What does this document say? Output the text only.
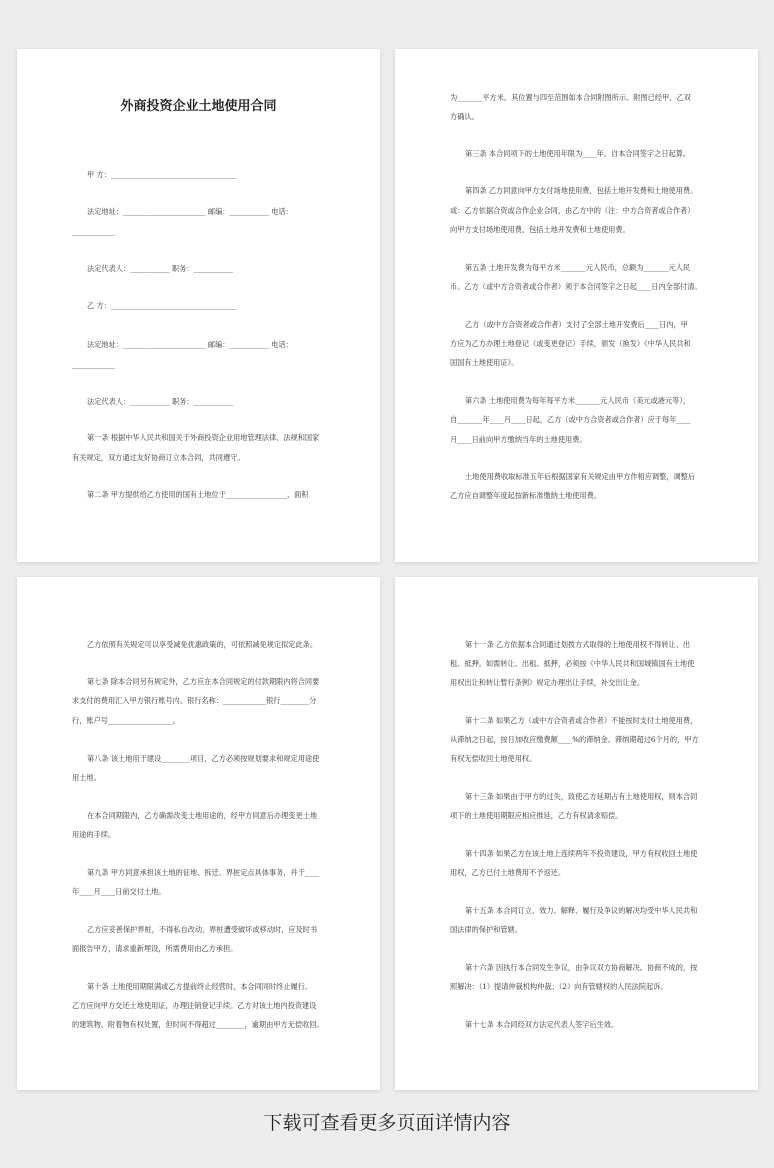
外商投资企业土地使用合同
甲 方：___________________________________
法定地址：_______________________ 邮编：___________ 电话：
____________
法定代表人：___________ 职务：___________
乙 方：___________________________________
法定地址：_______________________ 邮编：___________ 电话：
____________
法定代表人：___________ 职务：___________
第一条 根据中华人民共和国关于外商投资企业用地管理法律、法规和国家
有关规定，双方通过友好协商订立本合同，共同遵守。
第二条 甲方提供给乙方使用的国有土地位于_________________，面积
为_______平方米。其位置与四至范围如本合同附图所示。附图已经甲、乙双
方确认。
第三条 本合同项下的土地使用年限为____年，自本合同签字之日起算。
第四条 乙方同意向甲方支付场地使用费，包括土地开发费和土地使用费。
或：乙方依据合资或合作企业合同，由乙方中的（注：中方合资者或合作者）
向甲方支付场地使用费，包括土地开发费和土地使用费。
第五条 土地开发费为每平方米_______元人民币，总额为_______元人民
币。乙方（或中方合资者或合作者）须于本合同签字之日起____日内全部付清。
乙方（或中方合资者或合作者）支付了全部土地开发费后____日内，甲
方应为乙方办理土地登记（或变更登记）手续，颁发（换发）《中华人民共和
国国有土地使用证》。
第六条 土地使用费为每年每平方米_______元人民币（美元或港元等），
自_______年____月____日起，乙方（或中方合资者或合作者）应于每年____
月____日前向甲方缴纳当年的土地使用费。
土地使用费收取标准五年后根据国家有关规定由甲方作相应调整，调整后
乙方应自调整年度起按新标准缴纳土地使用费。
乙方依照有关规定可以享受减免优惠政策的，可依照减免规定拟定此条。
第七条 除本合同另有规定外，乙方应在本合同规定的付款期限内将合同要
求支付的费用汇入甲方银行账号内。银行名称：____________银行________分
行，账户号__________________。
第八条 该土地用于建设________项目，乙方必须按规划要求和规定用途使
用土地。
在本合同期限内，乙方确需改变土地用途的，经甲方同意后办理变更土地
用途的手续。
第九条 甲方同意承担该土地的征地、拆迁、界桩定点具体事务，并于____
年____月____日前交付土地。
乙方应妥善保护界桩，不得私自改动，界桩遭受破坏或移动时，应及时书
面报告甲方，请求重新埋设，所需费用由乙方承担。
第十条 土地使用期限满或乙方提前终止经营时，本合同同时终止履行。
乙方应向甲方交还土地使用证，办理注销登记手续。乙方对该土地内投资建设
的建筑物、附着物有权处置，但时间不得超过________，逾期由甲方无偿收回。
第十一条 乙方依据本合同通过划拨方式取得的土地使用权不得转让、出
租、抵押。如需转让、出租、抵押，必须按《中华人民共和国城镇国有土地使
用权出让和转让暂行条例》规定办理出让手续，补交出让金。
第十二条 如果乙方（或中方合资者或合作者）不能按时支付土地使用费，
从滞纳之日起，按日加收应缴费额____%的滞纳金。滞纳期超过6个月的，甲方
有权无偿收回土地使用权。
第十三条 如果由于甲方的过失，致使乙方延期占有土地使用权，则本合同
项下的土地使用期限应相应推延，乙方有权请求赔偿。
第十四条 如果乙方在该土地上连续两年不投资建设，甲方有权收回土地使
用权，乙方已付土地费用不予返还。
第十五条 本合同订立、效力、解释、履行及争议的解决均受中华人民共和
国法律的保护和管辖。
第十六条 因执行本合同发生争议，由争议双方协商解决。协商不成的，按
照解决：（1）提请仲裁机构仲裁；（2）向有管辖权的人民法院起诉。
第十七条 本合同经双方法定代表人签字后生效。
下载可查看更多页面详情内容
